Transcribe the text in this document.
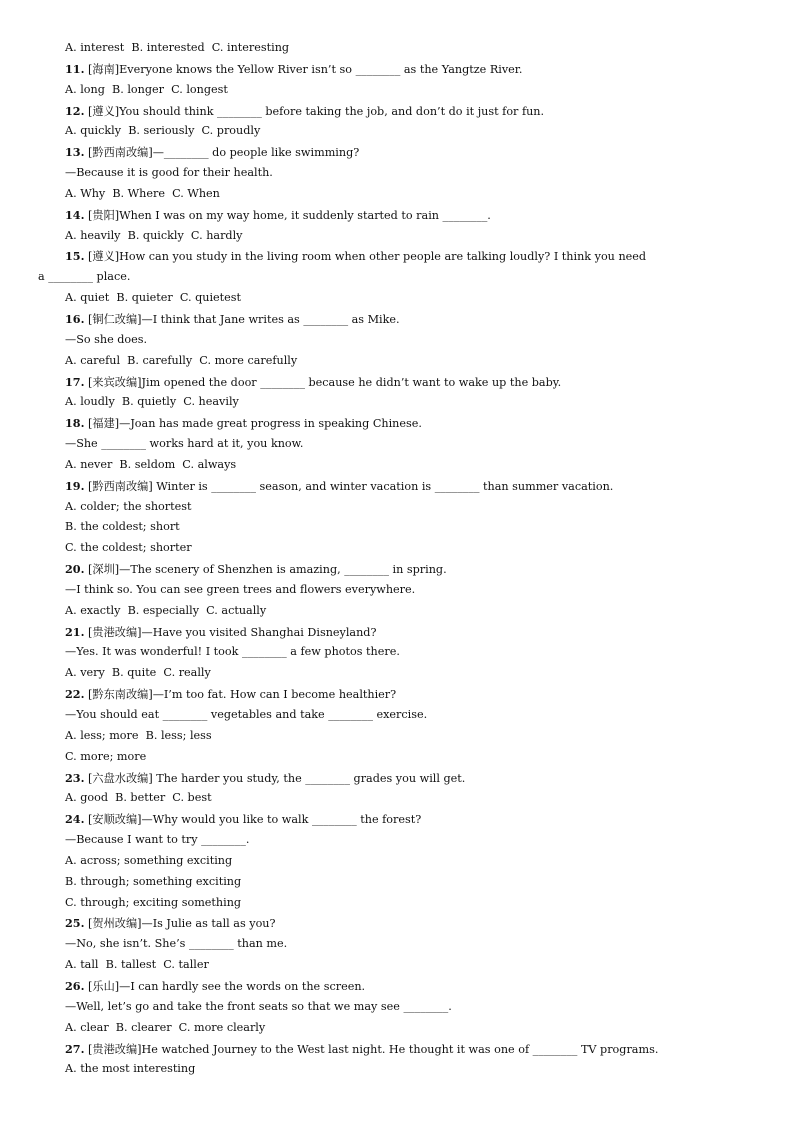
A. interest  B. interested  C. interesting
11. [海南]Everyone knows the Yellow River isn’t so ________ as the Yangtze River.
A. long  B. longer  C. longest
12. [遵义]You should think ________ before taking the job, and don’t do it just for fun.
A. quickly  B. seriously  C. proudly
13. [黔西南改编]—________ do people like swimming?
—Because it is good for their health.
A. Why  B. Where  C. When
14. [贵阳]When I was on my way home, it suddenly started to rain ________.
A. heavily  B. quickly  C. hardly
15. [遵义]How can you study in the living room when other people are talking loudly? I think you need
a ________ place.
A. quiet  B. quieter  C. quietest
16. [铜仁改编]—I think that Jane writes as ________ as Mike.
—So she does.
A. careful  B. carefully  C. more carefully
17. [来宾改编]Jim opened the door ________ because he didn’t want to wake up the baby.
A. loudly  B. quietly  C. heavily
18. [福建]—Joan has made great progress in speaking Chinese.
—She ________ works hard at it, you know.
A. never  B. seldom  C. always
19. [黔西南改编] Winter is ________ season, and winter vacation is ________ than summer vacation.
A. colder; the shortest
B. the coldest; short
C. the coldest; shorter
20. [深圳]—The scenery of Shenzhen is amazing, ________ in spring.
—I think so. You can see green trees and flowers everywhere.
A. exactly  B. especially  C. actually
21. [贵港改编]—Have you visited Shanghai Disneyland?
—Yes. It was wonderful! I took ________ a few photos there.
A. very  B. quite  C. really
22. [黔东南改编]—I’m too fat. How can I become healthier?
—You should eat ________ vegetables and take ________ exercise.
A. less; more  B. less; less
C. more; more
23. [六盘水改编] The harder you study, the ________ grades you will get.
A. good  B. better  C. best
24. [安顺改编]—Why would you like to walk ________ the forest?
—Because I want to try ________.
A. across; something exciting
B. through; something exciting
C. through; exciting something
25. [贺州改编]—Is Julie as tall as you?
—No, she isn’t. She’s ________ than me.
A. tall  B. tallest  C. taller
26. [乐山]—I can hardly see the words on the screen.
—Well, let’s go and take the front seats so that we may see ________.
A. clear  B. clearer  C. more clearly
27. [贵港改编]He watched Journey to the West last night. He thought it was one of ________ TV programs.
A. the most interesting
